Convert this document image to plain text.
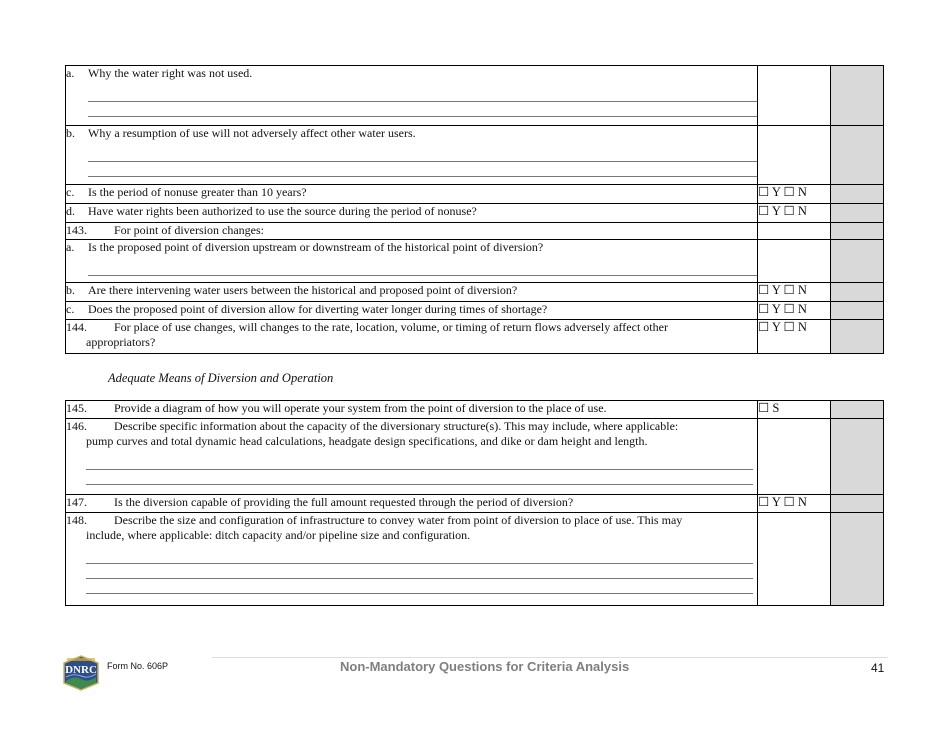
a. Why the water right was not used.

b. Why a resumption of use will not adversely affect other water users.

c. Is the period of nonuse greater than 10 years?	☐ Y ☐ N	
d. Have water rights been authorized to use the source during the period of nonuse?	☐ Y ☐ N	
143. For point of diversion changes:		
a. Is the proposed point of diversion upstream or downstream of the historical point of diversion?

b. Are there intervening water users between the historical and proposed point of diversion?	☐ Y ☐ N	
c. Does the proposed point of diversion allow for diverting water longer during times of shortage?	☐ Y ☐ N	
144. For place of use changes, will changes to the rate, location, volume, or timing of return flows adversely affect other
appropriators?	☐ Y ☐ N	
Adequate Means of Diversion and Operation
145. Provide a diagram of how you will operate your system from the point of diversion to the place of use.	☐ S	
146. Describe specific information about the capacity of the diversionary structure(s). This may include, where applicable:
pump curves and total dynamic head calculations, headgate design specifications, and dike or dam height and length.		

147. Is the diversion capable of providing the full amount requested through the period of diversion?	☐ Y ☐ N	
148. Describe the size and configuration of infrastructure to convey water from point of diversion to place of use. This may
include, where applicable: ditch capacity and/or pipeline size and configuration.		

DNRC Form No. 606P	Non-Mandatory Questions for Criteria Analysis	41
